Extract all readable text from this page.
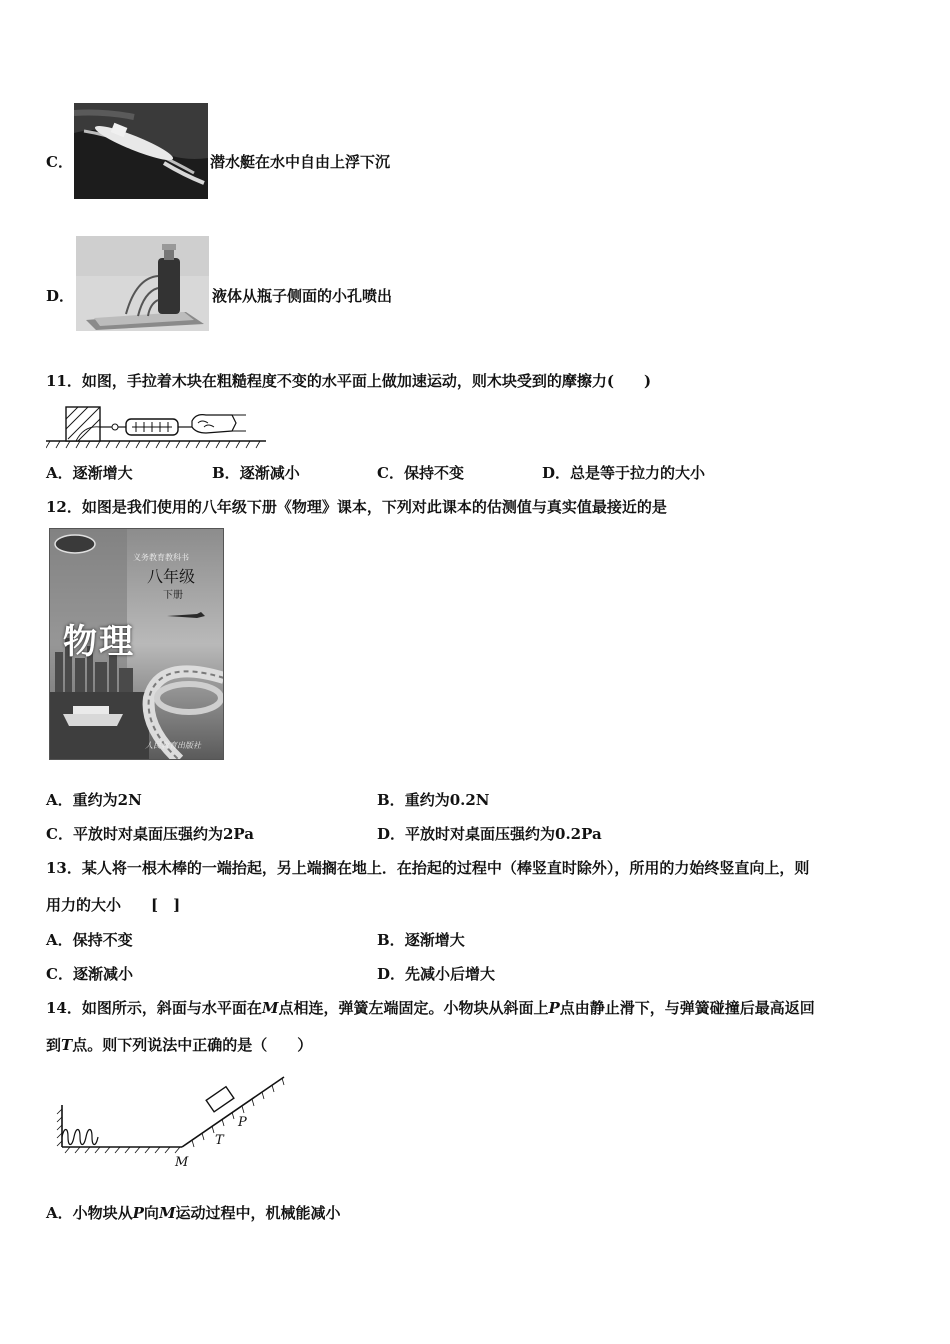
C．	潜水艇在水中自由上浮下沉
D．	液体从瓶子侧面的小孔喷出
11．如图，手拉着木块在粗糙程度不变的水平面上做加速运动，则木块受到的摩擦力(　　)
A．逐渐增大	B．逐渐减小	C．保持不变	D．总是等于拉力的大小
12．如图是我们使用的八年级下册《物理》课本，下列对此课本的估测值与真实值最接近的是
义务教育教科书
八年级
下册
物理
人民教育出版社
A．重约为2N	B．重约为0.2N
C．平放时对桌面压强约为2Pa	D．平放时对桌面压强约为0.2Pa
13．某人将一根木棒的一端抬起，另上端搁在地上．在抬起的过程中（棒竖直时除外），所用的力始终竖直向上，则
用力的大小　　[　]
A．保持不变	B．逐渐增大
C．逐渐减小	D．先减小后增大
14．如图所示，斜面与水平面在M点相连，弹簧左端固定。小物块从斜面上P点由静止滑下，与弹簧碰撞后最高返回
到T点。则下列说法中正确的是（　　）
P
T
M
A．小物块从P向M运动过程中，机械能减小
